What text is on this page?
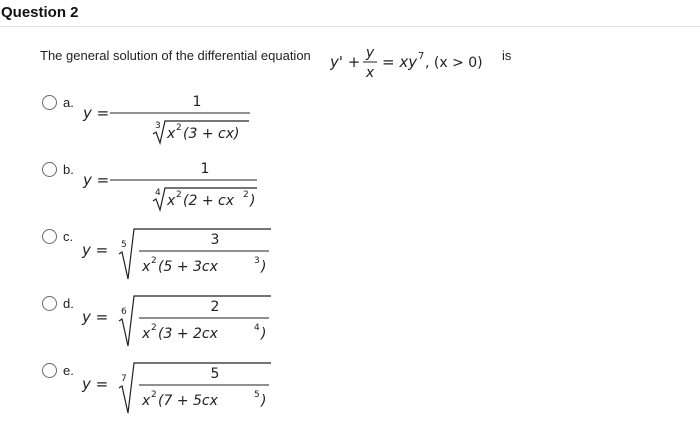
Question 2
The general solution of the differential equation y' + y
x
= xy 7 , (x > 0) is
a.
y =
1
3 x 2 (3 + cx)
b.
y =
1
4 x 2 (2 + cx 2 )
c.
y = 5	3
x 2 (5 + 3cx	3 )
d.
y = 6	2
x 2 (3 + 2cx	4 )
e.
y = 7	5
x 2 (7 + 5cx	5 )
